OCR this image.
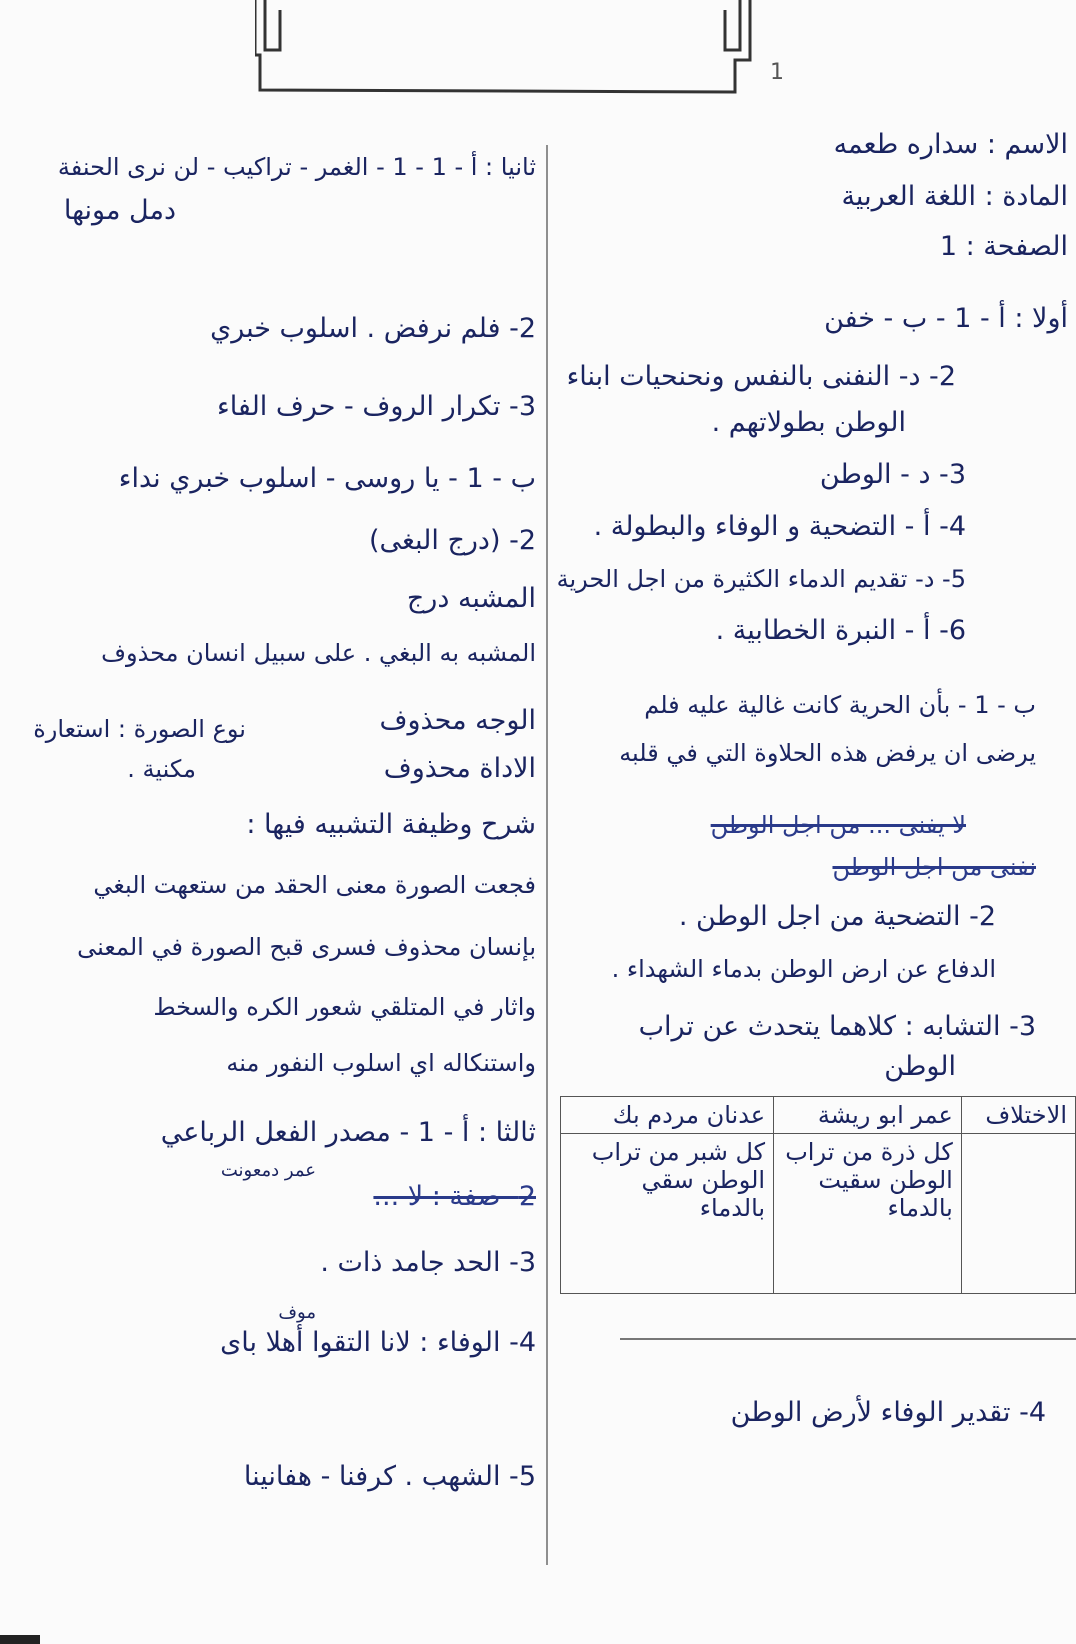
1
الاسم : سداره طعمه
المادة : اللغة العربية
الصفحة : 1
أولا : أ - 1 - ب - خفن
2- د- النفنى بالنفس ونحنحيات ابناء
الوطن بطولاتهم .
3- د - الوطن
4- أ - التضحية و الوفاء والبطولة .
5- د- تقديم الدماء الكثيرة من اجل الحرية
6- أ - النبرة الخطابية .
ب - 1 - بأن الحرية كانت غالية عليه فلم
يرضى ان يرفض هذه الحلاوة التي في قلبه
لا يفنى ... من اجل الوطن
نفنى من اجل الوطن
2- التضحية من اجل الوطن .
الدفاع عن ارض الوطن بدماء الشهداء .
3- التشابه : كلاهما يتحدث عن تراب
الوطن
الاختلاف	عمر ابو ريشة	عدنان مردم بك
	كل ذرة من تراب الوطن سقيت بالدماء	كل شبر من تراب الوطن سقي بالدماء
4- تقدير الوفاء لأرض الوطن
ثانيا : أ - 1 - 1 - الغمر - تراكيب - لن نرى الحنفة
دمل مونها
2- فلم نرفض . اسلوب خبري
3- تكرار الروف - حرف الفاء
ب - 1 - يا روسى - اسلوب خبري نداء
2- (درج البغى)
المشبه درج
المشبه به البغي . على سبيل انسان محذوف
الوجه محذوف
الاداة محذوف
نوع الصورة : استعارة
مكنية .
شرح وظيفة التشبيه فيها :
فجعت الصورة معنى الحقد من ستعهت البغي
بإنسان محذوف فسرى قبح الصورة في المعنى
واثار في المتلقي شعور الكره والسخط
واستنكاله اي اسلوب النفور منه
ثالثا : أ - 1 - مصدر الفعل الرباعي
عمر دمعونت
2- صفة : لا ...
3- الحد جامد ذات .
موف
4- الوفاء : لانا التقوا أهلا باى
5- الشهب . كرفنا - هفانينا
